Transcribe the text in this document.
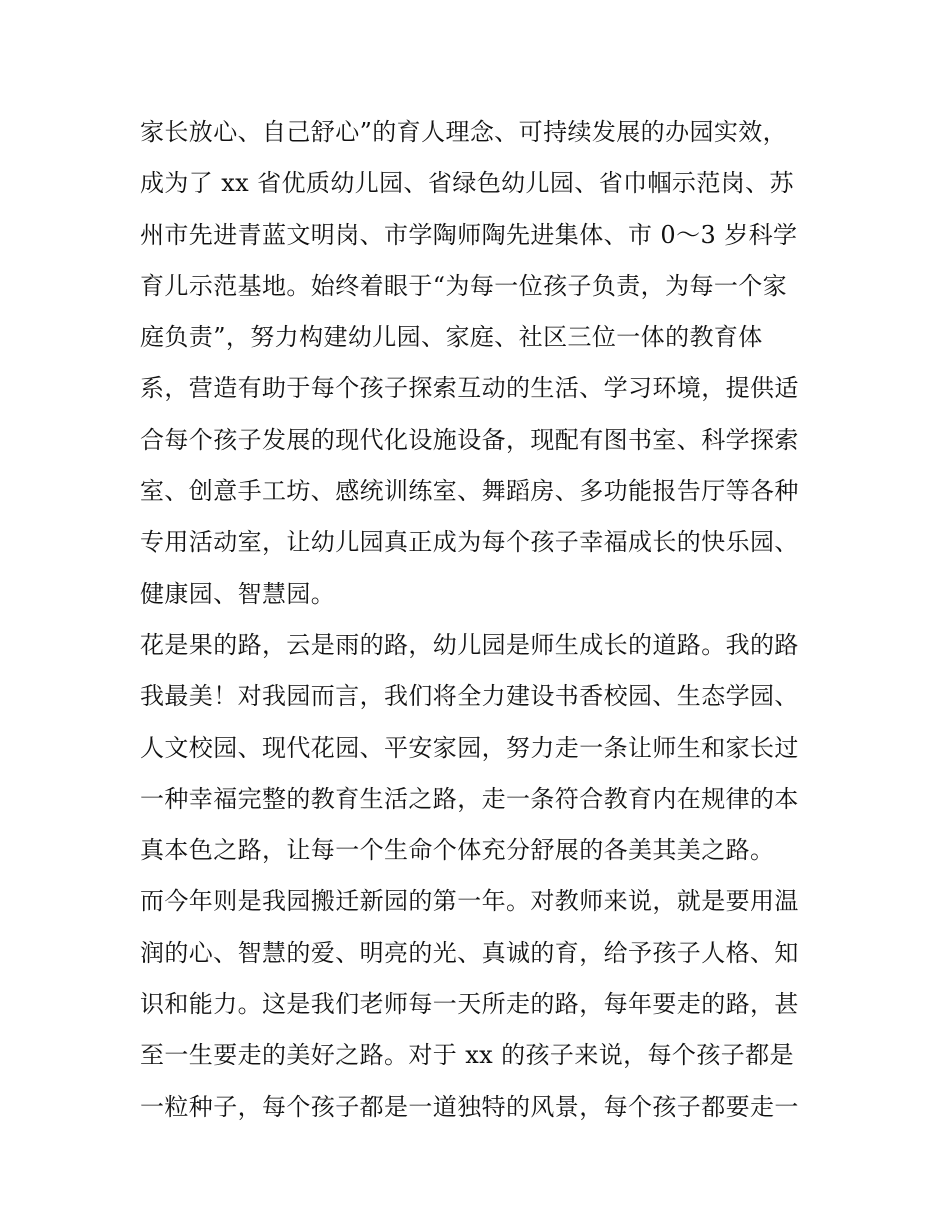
家长放心、自己舒心”的育人理念、可持续发展的办园实效，
成为了 xx 省优质幼儿园、省绿色幼儿园、省巾帼示范岗、苏
州市先进青蓝文明岗、市学陶师陶先进集体、市 0～3 岁科学
育儿示范基地。始终着眼于“为每一位孩子负责，为每一个家
庭负责”，努力构建幼儿园、家庭、社区三位一体的教育体
系，营造有助于每个孩子探索互动的生活、学习环境，提供适
合每个孩子发展的现代化设施设备，现配有图书室、科学探索
室、创意手工坊、感统训练室、舞蹈房、多功能报告厅等各种
专用活动室，让幼儿园真正成为每个孩子幸福成长的快乐园、
健康园、智慧园。
花是果的路，云是雨的路，幼儿园是师生成长的道路。我的路
我最美！对我园而言，我们将全力建设书香校园、生态学园、
人文校园、现代花园、平安家园，努力走一条让师生和家长过
一种幸福完整的教育生活之路，走一条符合教育内在规律的本
真本色之路，让每一个生命个体充分舒展的各美其美之路。
而今年则是我园搬迁新园的第一年。对教师来说，就是要用温
润的心、智慧的爱、明亮的光、真诚的育，给予孩子人格、知
识和能力。这是我们老师每一天所走的路，每年要走的路，甚
至一生要走的美好之路。对于 xx 的孩子来说，每个孩子都是
一粒种子，每个孩子都是一道独特的风景，每个孩子都要走一
